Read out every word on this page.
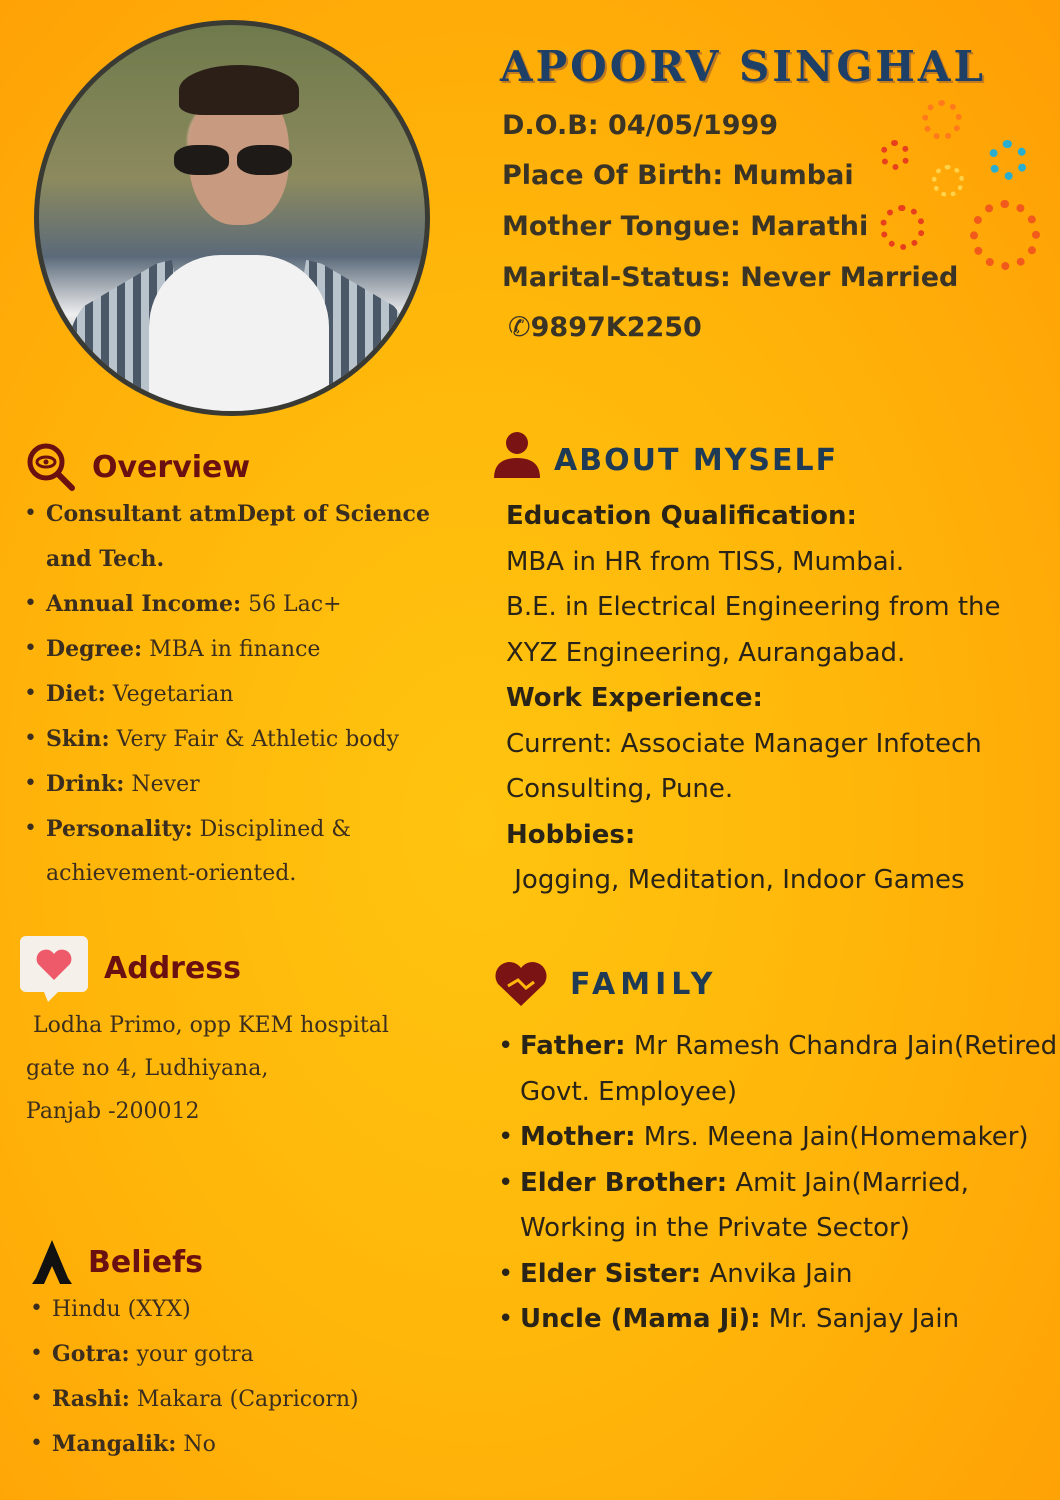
APOORV SINGHAL
D.O.B: 04/05/1999
Place Of Birth: Mumbai
Mother Tongue: Marathi
Marital-Status: Never Married
✆9897K2250
Overview
• Consultant atmDept of Science and Tech.
• Annual Income: 56 Lac+
• Degree: MBA in finance
• Diet: Vegetarian
• Skin: Very Fair & Athletic body
• Drink: Never
• Personality: Disciplined & achievement-oriented.
Address
Lodha Primo, opp KEM hospital
gate no 4, Ludhiyana,
Panjab -200012
Beliefs
• Hindu (XYX)
• Gotra: your gotra
• Rashi: Makara (Capricorn)
• Mangalik: No
ABOUT MYSELF
Education Qualification:
MBA in HR from TISS, Mumbai.
B.E. in Electrical Engineering from the
XYZ Engineering, Aurangabad.
Work Experience:
Current: Associate Manager Infotech
Consulting, Pune.
Hobbies:
Jogging, Meditation, Indoor Games
FAMILY
• Father: Mr Ramesh Chandra Jain(Retired Govt. Employee)
• Mother: Mrs. Meena Jain(Homemaker)
• Elder Brother: Amit Jain(Married, Working in the Private Sector)
• Elder Sister: Anvika Jain
• Uncle (Mama Ji): Mr. Sanjay Jain
